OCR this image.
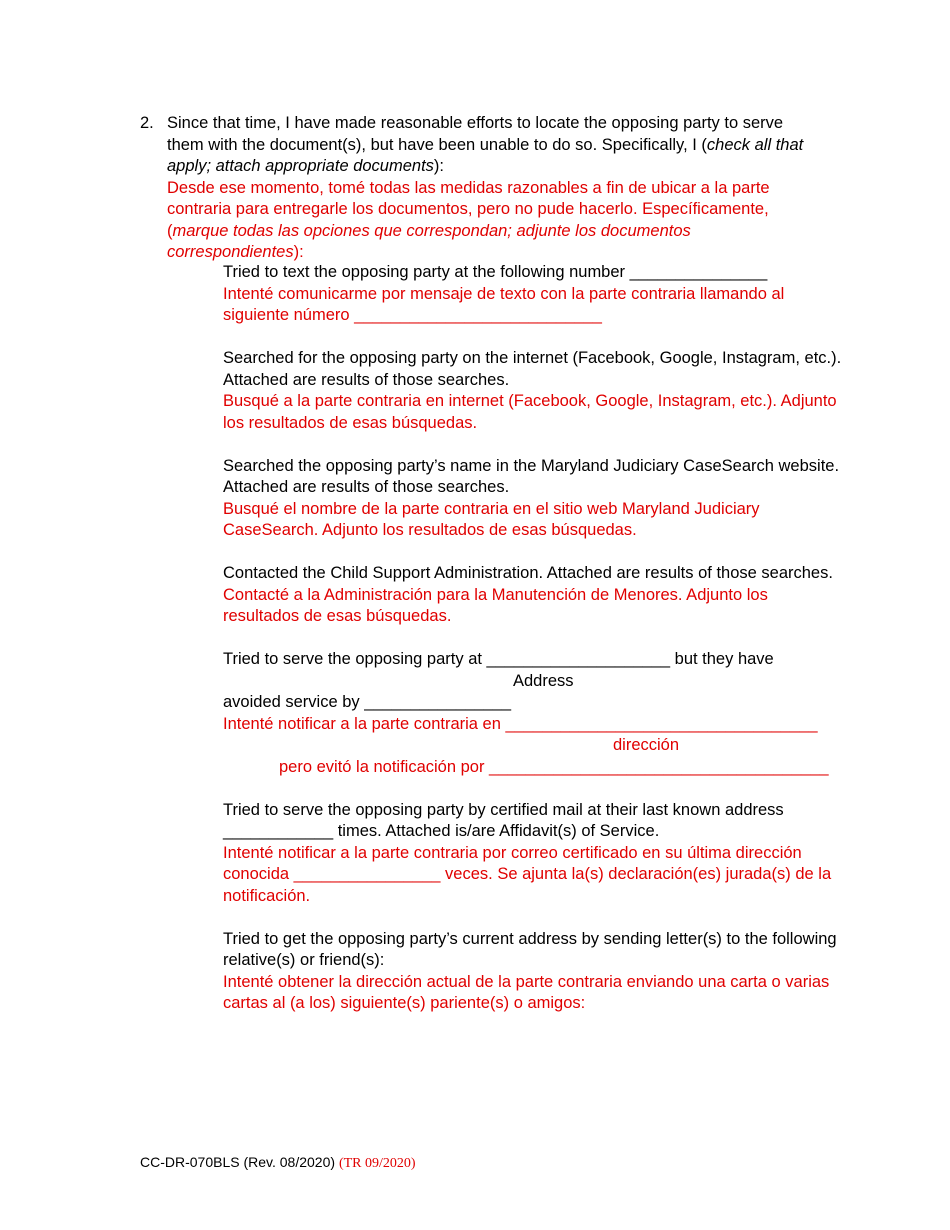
2. Since that time, I have made reasonable efforts to locate the opposing party to serve them with the document(s), but have been unable to do so. Specifically, I (check all that apply; attach appropriate documents):

Desde ese momento, tomé todas las medidas razonables a fin de ubicar a la parte contraria para entregarle los documentos, pero no pude hacerlo. Específicamente, (marque todas las opciones que correspondan; adjunte los documentos correspondientes):

Tried to text the opposing party at the following number _______________

Intenté comunicarme por mensaje de texto con la parte contraria llamando al siguiente número ___________________________

Searched for the opposing party on the internet (Facebook, Google, Instagram, etc.). Attached are results of those searches.

Busqué a la parte contraria en internet (Facebook, Google, Instagram, etc.). Adjunto los resultados de esas búsquedas.

Searched the opposing party’s name in the Maryland Judiciary CaseSearch website. Attached are results of those searches.

Busqué el nombre de la parte contraria en el sitio web Maryland Judiciary CaseSearch. Adjunto los resultados de esas búsquedas.

Contacted the Child Support Administration. Attached are results of those searches.

Contacté a la Administración para la Manutención de Menores. Adjunto los resultados de esas búsquedas.

Tried to serve the opposing party at ____________________ but they have

Address

avoided service by ________________

Intenté notificar a la parte contraria en __________________________________

dirección

pero evitó la notificación por _____________________________________

Tried to serve the opposing party by certified mail at their last known address ____________ times. Attached is/are Affidavit(s) of Service.

Intenté notificar a la parte contraria por correo certificado en su última dirección conocida ________________ veces. Se ajunta la(s) declaración(es) jurada(s) de la notificación.

Tried to get the opposing party’s current address by sending letter(s) to the following relative(s) or friend(s):

Intenté obtener la dirección actual de la parte contraria enviando una carta o varias cartas al (a los) siguiente(s) pariente(s) o amigos:

CC-DR-070BLS (Rev. 08/2020) (TR 09/2020)
